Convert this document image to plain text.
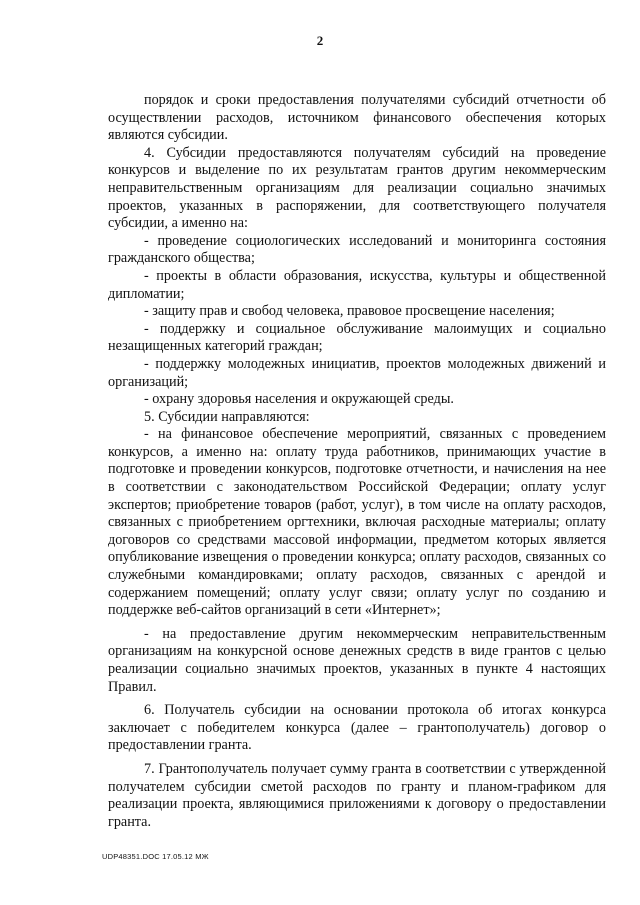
2

порядок и сроки предоставления получателями субсидий отчетности об осуществлении расходов, источником финансового обеспечения которых являются субсидии.

4. Субсидии предоставляются получателям субсидий на проведение конкурсов и выделение по их результатам грантов другим некоммерческим неправительственным организациям для реализации социально значимых проектов, указанных в распоряжении, для соответствующего получателя субсидии, а именно на:

- проведение социологических исследований и мониторинга состояния гражданского общества;

- проекты в области образования, искусства, культуры и общественной дипломатии;

- защиту прав и свобод человека, правовое просвещение населения;

- поддержку и социальное обслуживание малоимущих и социально незащищенных категорий граждан;

- поддержку молодежных инициатив, проектов молодежных движений и организаций;

- охрану здоровья населения и окружающей среды.

5. Субсидии направляются:

- на финансовое обеспечение мероприятий, связанных с проведением конкурсов, а именно на: оплату труда работников, принимающих участие в подготовке и проведении конкурсов, подготовке отчетности, и начисления на нее в соответствии с законодательством Российской Федерации; оплату услуг экспертов; приобретение товаров (работ, услуг), в том числе на оплату расходов, связанных с приобретением оргтехники, включая расходные материалы; оплату договоров со средствами массовой информации, предметом которых является опубликование извещения о проведении конкурса; оплату расходов, связанных со служебными командировками; оплату расходов, связанных с арендой и содержанием помещений; оплату услуг связи; оплату услуг по созданию и поддержке веб-сайтов организаций в сети «Интернет»;

- на предоставление другим некоммерческим неправительственным организациям на конкурсной основе денежных средств в виде грантов с целью реализации социально значимых проектов, указанных в пункте 4 настоящих Правил.

6. Получатель субсидии на основании протокола об итогах конкурса заключает с победителем конкурса (далее – грантополучатель) договор о предоставлении гранта.

7. Грантополучатель получает сумму гранта в соответствии с утвержденной получателем субсидии сметой расходов по гранту и планом-графиком для реализации проекта, являющимися приложениями к договору о предоставлении гранта.

UDP48351.DOC 17.05.12 МЖ
